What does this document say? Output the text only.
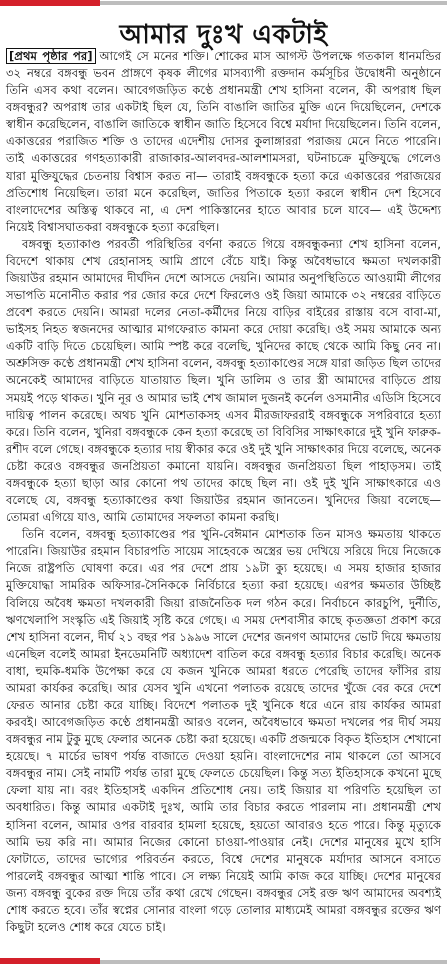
আমার দুঃখ একটাই

[প্রথম পৃষ্ঠার পর] আগেই সে মনের শক্তি। শোকের মাস আগস্ট উপলক্ষে গতকাল ধানমন্ডির ৩২ নম্বরে বঙ্গবন্ধু ভবন প্রাঙ্গণে কৃষক লীগের মাসব্যাপী রক্তদান কর্মসূচির উদ্বোধনী অনুষ্ঠানে তিনি এসব কথা বলেন। আবেগজড়িত কণ্ঠে প্রধানমন্ত্রী শেখ হাসিনা বলেন, কী অপরাধ ছিল বঙ্গবন্ধুর? অপরাধ তার একটাই ছিল যে, তিনি বাঙালি জাতির মুক্তি এনে দিয়েছিলেন, দেশকে স্বাধীন করেছিলেন, বাঙালি জাতিকে স্বাধীন জাতি হিসেবে বিশ্বে মর্যাদা দিয়েছিলেন। তিনি বলেন, একাত্তরের পরাজিত শক্তি ও তাদের এদেশীয় দোসর কুলাঙ্গাররা পরাজয় মেনে নিতে পারেনি। তাই একাত্তরের গণহত্যাকারী রাজাকার-আলবদর-আলশামসরা, ঘটনাচক্রে মুক্তিযুদ্ধে গেলেও যারা মুক্তিযুদ্ধের চেতনায় বিশ্বাস করত না— তারাই বঙ্গবন্ধুকে হত্যা করে একাত্তরের পরাজয়ের প্রতিশোধ নিয়েছিল। তারা মনে করেছিল, জাতির পিতাকে হত্যা করলে স্বাধীন দেশ হিসেবে বাংলাদেশের অস্তিত্ব থাকবে না, এ দেশ পাকিস্তানের হাতে আবার চলে যাবে— এই উদ্দেশ্য নিয়েই বিশ্বাসঘাতকরা বঙ্গবন্ধুকে হত্যা করেছিল।

বঙ্গবন্ধু হত্যাকাণ্ড পরবর্তী পরিস্থিতির বর্ণনা করতে গিয়ে বঙ্গবন্ধুকন্যা শেখ হাসিনা বলেন, বিদেশে থাকায় শেখ রেহানাসহ আমি প্রাণে বেঁচে যাই। কিন্তু অবৈধভাবে ক্ষমতা দখলকারী জিয়াউর রহমান আমাদের দীর্ঘদিন দেশে আসতে দেয়নি। আমার অনুপস্থিতিতে আওয়ামী লীগের সভাপতি মনোনীত করার পর জোর করে দেশে ফিরলেও ওই জিয়া আমাকে ৩২ নম্বরের বাড়িতে প্রবেশ করতে দেয়নি। আমরা দলের নেতা-কর্মীদের নিয়ে বাড়ির বাইরের রাস্তায় বসে বাবা-মা, ভাইসহ নিহত স্বজনদের আত্মার মাগফেরাত কামনা করে দোয়া করেছি। ওই সময় আমাকে অন্য একটি বাড়ি দিতে চেয়েছিল। আমি স্পষ্ট করে বলেছি, খুনিদের কাছে থেকে আমি কিছু নেব না। অশ্রুসিক্ত কণ্ঠে প্রধানমন্ত্রী শেখ হাসিনা বলেন, বঙ্গবন্ধু হত্যাকাণ্ডের সঙ্গে যারা জড়িত ছিল তাদের অনেকেই আমাদের বাড়িতে যাতায়াত ছিল। খুনি ডালিম ও তার স্ত্রী আমাদের বাড়িতে প্রায় সময়ই পড়ে থাকত। খুনি নূর ও আমার ভাই শেখ জামাল দুজনই কর্নেল ওসমানীর এডিসি হিসেবে দায়িত্ব পালন করেছে। অথচ খুনি মোশতাকসহ এসব মীরজাফররাই বঙ্গবন্ধুকে সপরিবারে হত্যা করে। তিনি বলেন, খুনিরা বঙ্গবন্ধুকে কেন হত্যা করেছে তা বিবিসির সাক্ষাৎকারে দুই খুনি ফারুক-রশীদ বলে গেছে। বঙ্গবন্ধুকে হত্যার দায় স্বীকার করে ওই দুই খুনি সাক্ষাৎকার দিয়ে বলেছে, অনেক চেষ্টা করেও বঙ্গবন্ধুর জনপ্রিয়তা কমানো যায়নি। বঙ্গবন্ধুর জনপ্রিয়তা ছিল পাহাড়সম। তাই বঙ্গবন্ধুকে হত্যা ছাড়া আর কোনো পথ তাদের কাছে ছিল না। ওই দুই খুনি সাক্ষাৎকারে এও বলেছে যে, বঙ্গবন্ধু হত্যাকাণ্ডের কথা জিয়াউর রহমান জানতেন। খুনিদের জিয়া বলেছে— তোমরা এগিয়ে যাও, আমি তোমাদের সফলতা কামনা করছি।

তিনি বলেন, বঙ্গবন্ধু হত্যাকাণ্ডের পর খুনি-বেঈমান মোশতাক তিন মাসও ক্ষমতায় থাকতে পারেনি। জিয়াউর রহমান বিচারপতি সায়েম সাহেবকে অস্ত্রের ভয় দেখিয়ে সরিয়ে দিয়ে নিজেকে নিজে রাষ্ট্রপতি ঘোষণা করে। এর পর দেশে প্রায় ১৯টা ক্যু হয়েছে। এ সময় হাজার হাজার মুক্তিযোদ্ধা সামরিক অফিসার-সৈনিককে নির্বিচারে হত্যা করা হয়েছে। এরপর ক্ষমতার উচ্ছিষ্ট বিলিয়ে অবৈধ ক্ষমতা দখলকারী জিয়া রাজনৈতিক দল গঠন করে। নির্বাচনে কারচুপি, দুর্নীতি, ঋণখেলাপি সংস্কৃতি এই জিয়াই সৃষ্টি করে গেছে। এ সময় দেশবাসীর কাছে কৃতজ্ঞতা প্রকাশ করে শেখ হাসিনা বলেন, দীর্ঘ ২১ বছর পর ১৯৯৬ সালে দেশের জনগণ আমাদের ভোট দিয়ে ক্ষমতায় এনেছিল বলেই আমরা ইনডেমনিটি অধ্যাদেশ বাতিল করে বঙ্গবন্ধু হত্যার বিচার করেছি। অনেক বাধা, হুমকি-ধমকি উপেক্ষা করে যে কজন খুনিকে আমরা ধরতে পেরেছি তাদের ফাঁসির রায় আমরা কার্যকর করেছি। আর যেসব খুনি এখনো পলাতক রয়েছে তাদের খুঁজে বের করে দেশে ফেরত আনার চেষ্টা করে যাচ্ছি। বিদেশে পলাতক দুই খুনিকে ধরে এনে রায় কার্যকর আমরা করবই। আবেগজড়িত কণ্ঠে প্রধানমন্ত্রী আরও বলেন, অবৈধভাবে ক্ষমতা দখলের পর দীর্ঘ সময় বঙ্গবন্ধুর নাম টুকু মুছে ফেলার অনেক চেষ্টা করা হয়েছে। একটি প্রজন্মকে বিকৃত ইতিহাস শেখানো হয়েছে। ৭ মার্চের ভাষণ পর্যন্ত বাজাতে দেওয়া হয়নি। বাংলাদেশের নাম থাকলে তো আসবে বঙ্গবন্ধুর নাম। সেই নামটি পর্যন্ত তারা মুছে ফেলতে চেয়েছিল। কিন্তু সত্য ইতিহাসকে কখনো মুছে ফেলা যায় না। বরং ইতিহাসই একদিন প্রতিশোধ নেয়। তাই জিয়ার যা পরিণতি হয়েছিল তা অবধারিত। কিন্তু আমার একটাই দুঃখ, আমি তার বিচার করতে পারলাম না। প্রধানমন্ত্রী শেখ হাসিনা বলেন, আমার ওপর বারবার হামলা হয়েছে, হয়তো আবারও হতে পারে। কিন্তু মৃত্যুকে আমি ভয় করি না। আমার নিজের কোনো চাওয়া-পাওয়ার নেই। দেশের মানুষের মুখে হাসি ফোটাতে, তাদের ভাগ্যের পরিবর্তন করতে, বিশ্বে দেশের মানুষকে মর্যাদার আসনে বসাতে পারলেই বঙ্গবন্ধুর আত্মা শান্তি পাবে। সে লক্ষ্য নিয়েই আমি কাজ করে যাচ্ছি। দেশের মানুষের জন্য বঙ্গবন্ধু বুকের রক্ত দিয়ে তাঁর কথা রেখে গেছেন। বঙ্গবন্ধুর সেই রক্ত ঋণ আমাদের অবশ্যই শোধ করতে হবে। তাঁর স্বপ্নের সোনার বাংলা গড়ে তোলার মাধ্যমেই আমরা বঙ্গবন্ধুর রক্তের ঋণ কিছুটা হলেও শোধ করে যেতে চাই।
